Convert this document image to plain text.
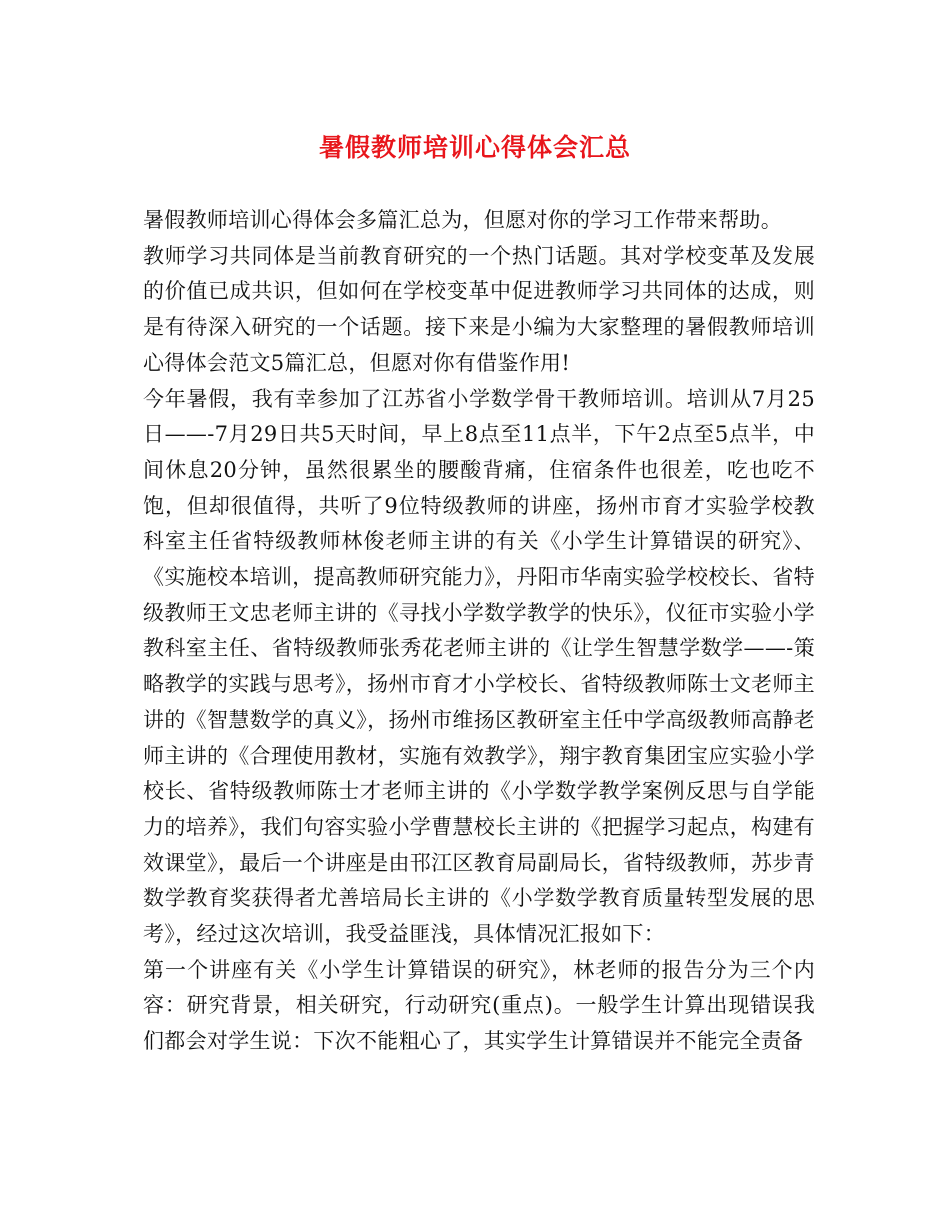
暑假教师培训心得体会汇总

暑假教师培训心得体会多篇汇总为，但愿对你的学习工作带来帮助。

教师学习共同体是当前教育研究的一个热门话题。其对学校变革及发展的价值已成共识，但如何在学校变革中促进教师学习共同体的达成，则是有待深入研究的一个话题。接下来是小编为大家整理的暑假教师培训心得体会范文5篇汇总，但愿对你有借鉴作用!

今年暑假，我有幸参加了江苏省小学数学骨干教师培训。培训从7月25日——-7月29日共5天时间，早上8点至11点半，下午2点至5点半，中间休息20分钟，虽然很累坐的腰酸背痛，住宿条件也很差，吃也吃不饱，但却很值得，共听了9位特级教师的讲座，扬州市育才实验学校教科室主任省特级教师林俊老师主讲的有关《小学生计算错误的研究》、《实施校本培训，提高教师研究能力》，丹阳市华南实验学校校长、省特级教师王文忠老师主讲的《寻找小学数学教学的快乐》，仪征市实验小学教科室主任、省特级教师张秀花老师主讲的《让学生智慧学数学——-策略教学的实践与思考》，扬州市育才小学校长、省特级教师陈士文老师主讲的《智慧数学的真义》，扬州市维扬区教研室主任中学高级教师高静老师主讲的《合理使用教材，实施有效教学》，翔宇教育集团宝应实验小学校长、省特级教师陈士才老师主讲的《小学数学教学案例反思与自学能力的培养》，我们句容实验小学曹慧校长主讲的《把握学习起点，构建有效课堂》，最后一个讲座是由邗江区教育局副局长，省特级教师，苏步青数学教育奖获得者尤善培局长主讲的《小学数学教育质量转型发展的思考》，经过这次培训，我受益匪浅，具体情况汇报如下：

第一个讲座有关《小学生计算错误的研究》，林老师的报告分为三个内容：研究背景，相关研究，行动研究(重点)。一般学生计算出现错误我们都会对学生说：下次不能粗心了，其实学生计算错误并不能完全责备
